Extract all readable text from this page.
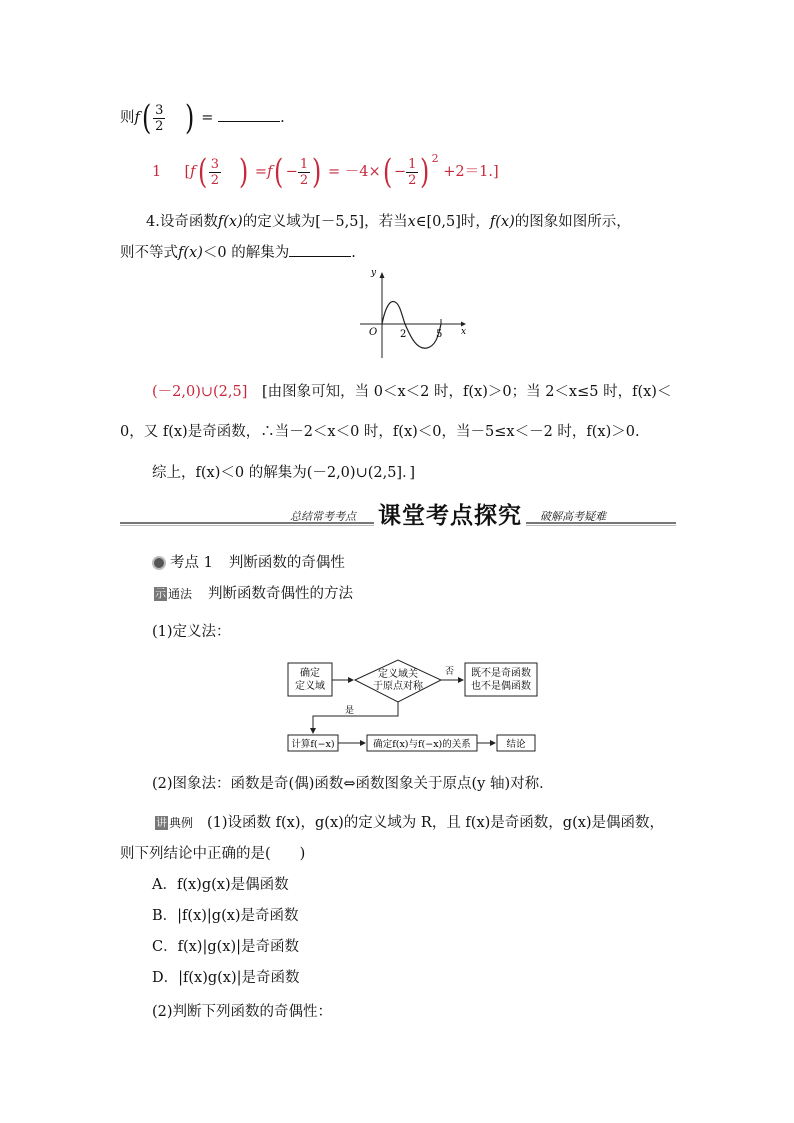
则$f( \frac{3}{2}$ ) =	.
1 [$f( \frac{3}{2}$ ) $=f( - \frac{1}{2}$ ) = $-4\times( - \frac{1}{2}$ ) $^2$ +2＝1.]
4.设奇函数f(x)的定义域为[－5,5]，若当x∈[0,5]时，f(x)的图象如图所示，
则不等式f(x)＜0 的解集为	.
y
x
O 2	5
(－2,0)∪(2,5] [由图象可知，当 0＜x＜2 时，f(x)＞0；当 2＜x≤5 时，f(x)＜
0，又 f(x)是奇函数，∴当－2＜x＜0 时，f(x)＜0，当－5≤x＜－2 时，f(x)＞0.
综上，f(x)＜0 的解集为(－2,0)∪(2,5]．]
总结常考考点 课堂考点探究	破解高考疑难
考点 1 判断函数的奇偶性
示 通法 判断函数奇偶性的方法
(1)定义法：
确定
定义域
定义域关
于原点对称
否 既不是奇函数
也不是偶函数
是
计算f(−x)	确定f(x)与f(−x)的关系	结论
(2)图象法：函数是奇(偶)函数⇔函数图象关于原点(y 轴)对称．
讲 典例 (1)设函数 f(x)，g(x)的定义域为 R，且 f(x)是奇函数，g(x)是偶函数，
则下列结论中正确的是(　　)
A．f(x)g(x)是偶函数
B．|f(x)|g(x)是奇函数
C．f(x)|g(x)|是奇函数
D．|f(x)g(x)|是奇函数
(2)判断下列函数的奇偶性：
